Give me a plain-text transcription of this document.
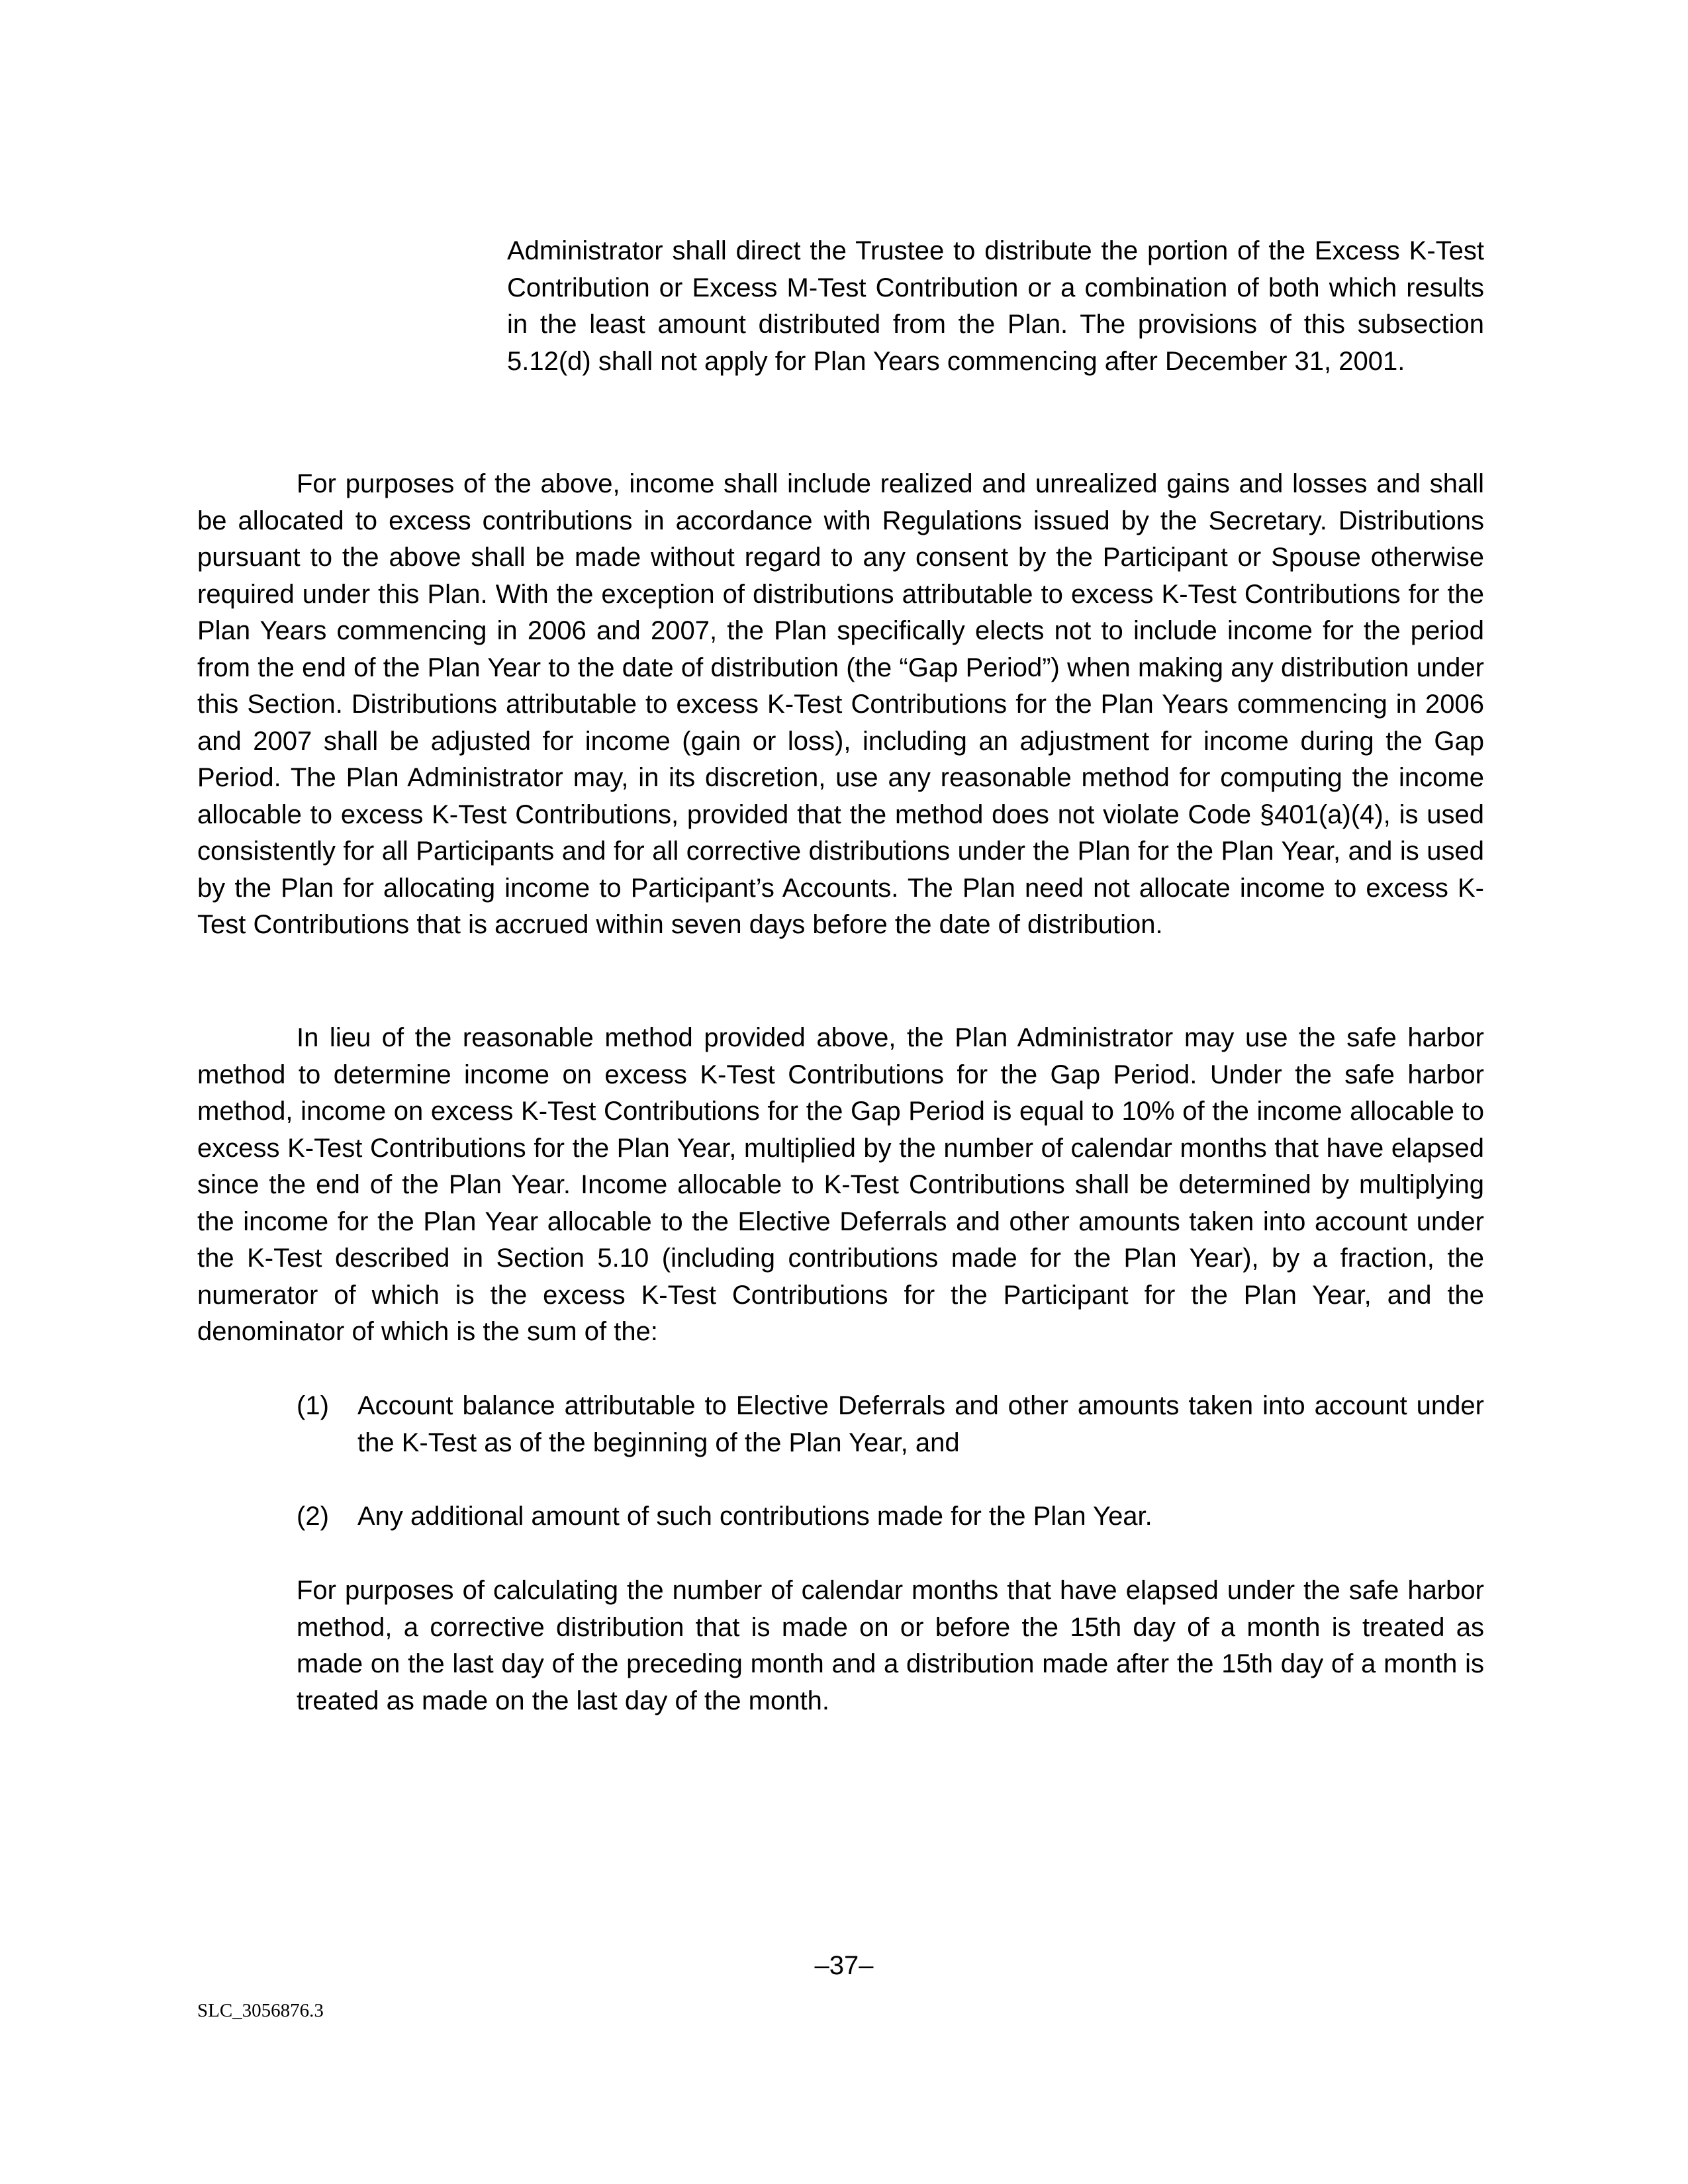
Administrator shall direct the Trustee to distribute the portion of the Excess K-Test Contribution or Excess M-Test Contribution or a combination of both which results in the least amount distributed from the Plan. The provisions of this subsection 5.12(d) shall not apply for Plan Years commencing after December 31, 2001.

For purposes of the above, income shall include realized and unrealized gains and losses and shall be allocated to excess contributions in accordance with Regulations issued by the Secretary. Distributions pursuant to the above shall be made without regard to any consent by the Participant or Spouse otherwise required under this Plan. With the exception of distributions attributable to excess K-Test Contributions for the Plan Years commencing in 2006 and 2007, the Plan specifically elects not to include income for the period from the end of the Plan Year to the date of distribution (the “Gap Period”) when making any distribution under this Section. Distributions attributable to excess K-Test Contributions for the Plan Years commencing in 2006 and 2007 shall be adjusted for income (gain or loss), including an adjustment for income during the Gap Period. The Plan Administrator may, in its discretion, use any reasonable method for computing the income allocable to excess K-Test Contributions, provided that the method does not violate Code §401(a)(4), is used consistently for all Participants and for all corrective distributions under the Plan for the Plan Year, and is used by the Plan for allocating income to Participant’s Accounts. The Plan need not allocate income to excess K-Test Contributions that is accrued within seven days before the date of distribution.

In lieu of the reasonable method provided above, the Plan Administrator may use the safe harbor method to determine income on excess K-Test Contributions for the Gap Period. Under the safe harbor method, income on excess K-Test Contributions for the Gap Period is equal to 10% of the income allocable to excess K-Test Contributions for the Plan Year, multiplied by the number of calendar months that have elapsed since the end of the Plan Year. Income allocable to K-Test Contributions shall be determined by multiplying the income for the Plan Year allocable to the Elective Deferrals and other amounts taken into account under the K-Test described in Section 5.10 (including contributions made for the Plan Year), by a fraction, the numerator of which is the excess K-Test Contributions for the Participant for the Plan Year, and the denominator of which is the sum of the:

(1) Account balance attributable to Elective Deferrals and other amounts taken into account under the K-Test as of the beginning of the Plan Year, and

(2) Any additional amount of such contributions made for the Plan Year.

For purposes of calculating the number of calendar months that have elapsed under the safe harbor method, a corrective distribution that is made on or before the 15th day of a month is treated as made on the last day of the preceding month and a distribution made after the 15th day of a month is treated as made on the last day of the month.

–37–
SLC_3056876.3
